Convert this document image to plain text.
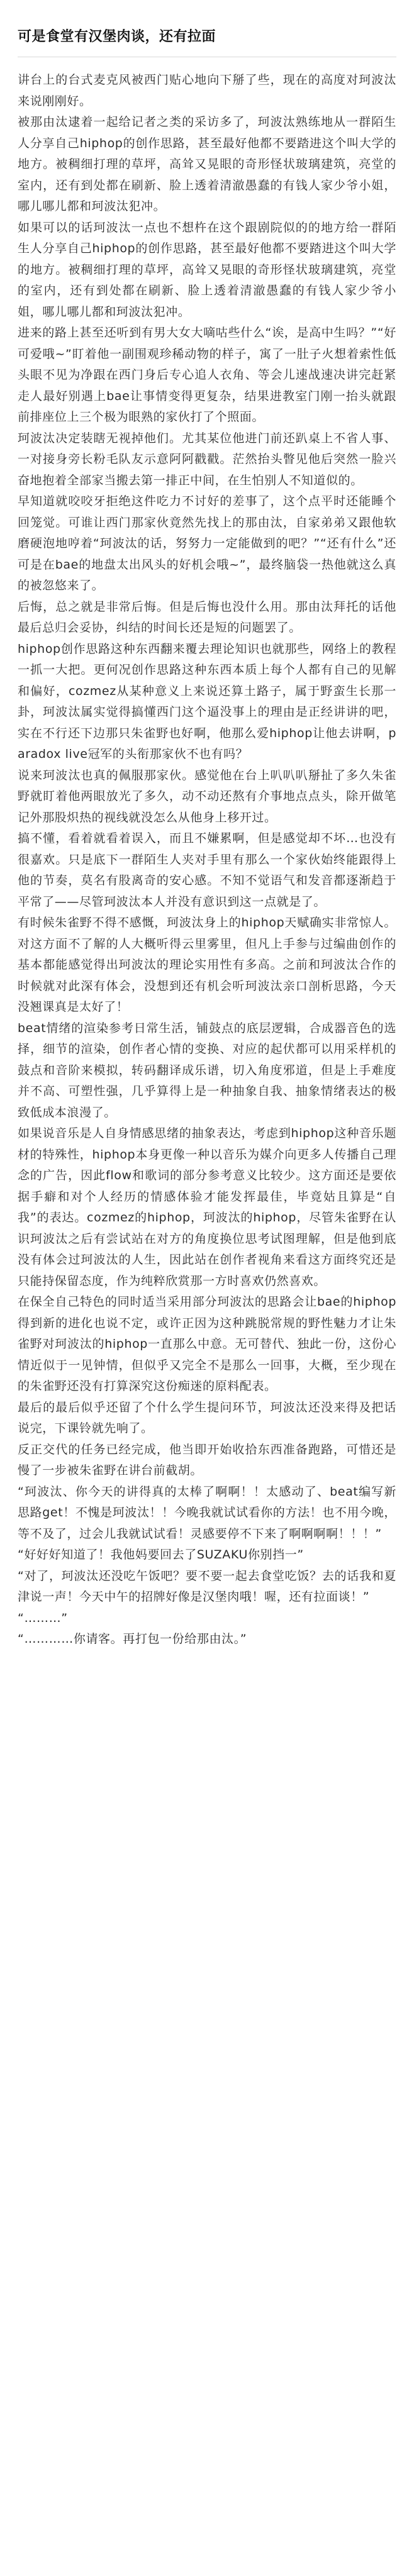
可是食堂有汉堡肉谈，还有拉面

讲台上的台式麦克风被西门贴心地向下掰了些，现在的高度对珂波汰来说刚刚好。

被那由汰逮着一起给记者之类的采访多了，珂波汰熟练地从一群陌生人分享自己hiphop的创作思路，甚至最好他都不要踏进这个叫大学的地方。被稠细打理的草坪，高耸又晃眼的奇形怪状玻璃建筑，亮堂的室内，还有到处都在刷新、脸上透着清澈愚蠢的有钱人家少爷小姐，哪儿哪儿都和珂波汰犯冲。

如果可以的话珂波汰一点也不想杵在这个跟剧院似的的地方给一群陌生人分享自己hiphop的创作思路，甚至最好他都不要踏进这个叫大学的地方。被稠细打理的草坪，高耸又晃眼的奇形怪状玻璃建筑，亮堂的室内，还有到处都在刷新、脸上透着清澈愚蠢的有钱人家少爷小姐，哪儿哪儿都和珂波汰犯冲。

进来的路上甚至还听到有男大女大嘀咕些什么“诶，是高中生吗？”“好可爱哦~”盯着他一副围观珍稀动物的样子，寓了一肚子火想着索性低头眼不见为净跟在西门身后专心追人衣角、等会儿速战速决讲完赶紧走人最好别遇上bae让事情变得更复杂，结果进教室门刚一抬头就跟前排座位上三个极为眼熟的家伙打了个照面。

珂波汰决定装瞎无视掉他们。尤其某位他进门前还趴桌上不省人事、一对接身旁长粉毛队友示意阿阿戳戳。茫然抬头瞥见他后突然一脸兴奋地抱着全部家当搬去第一排正中间，在生怕别人不知道似的。

早知道就咬咬牙拒绝这件吃力不讨好的差事了，这个点平时还能睡个回笼觉。可谁让西门那家伙竟然先找上的那由汰，自家弟弟又跟他软磨硬泡地哼着“珂波汰的话，努努力一定能做到的吧？”“还有什么”还可是在bae的地盘太出风头的好机会哦~”，最终脑袋一热他就这么真的被忽悠来了。

后悔，总之就是非常后悔。但是后悔也没什么用。那由汰拜托的话他最后总归会妥协，纠结的时间长还是短的问题罢了。

hiphop创作思路这种东西翻来覆去理论知识也就那些，网络上的教程一抓一大把。更何况创作思路这种东西本质上每个人都有自己的见解和偏好，cozmez从某种意义上来说还算土路子，属于野蛮生长那一卦，珂波汰属实觉得搞懂西门这个逼没事上的理由是正经讲讲的吧，实在不行还下边那只朱雀野也好啊，他那么爱hiphop让他去讲啊，paradox live冠军的头衔那家伙不也有吗？

说来珂波汰也真的佩服那家伙。感觉他在台上叭叭叭掰扯了多久朱雀野就盯着他两眼放光了多久，动不动还熬有介事地点点头，除开做笔记外那股炽热的视线就没怎么从他身上移开过。

搞不懂，看着就看着误入，而且不嫌累啊，但是感觉却不坏…也没有很嘉欢。只是底下一群陌生人夹对手里有那么一个家伙始终能跟得上他的节奏，莫名有股离奇的安心感。不知不觉语气和发音都逐渐趋于平常了——尽管珂波汰本人并没有意识到这一点就是了。

有时候朱雀野不得不感慨，珂波汰身上的hiphop天赋确实非常惊人。对这方面不了解的人大概听得云里雾里，但凡上手参与过编曲创作的基本都能感觉得出珂波汰的理论实用性有多高。之前和珂波汰合作的时候就对此深有体会，没想到还有机会听珂波汰亲口剖析思路，今天没翘课真是太好了！

beat情绪的渲染参考日常生活，铺鼓点的底层逻辑，合成器音色的选择，细节的渲染，创作者心情的变换、对应的起伏都可以用采样机的鼓点和音阶来模拟，转码翻译成乐谱，切入角度邪道，但是上手难度并不高、可塑性强，几乎算得上是一种抽象自我、抽象情绪表达的极致低成本浪漫了。

如果说音乐是人自身情感思绪的抽象表达，考虑到hiphop这种音乐题材的特殊性，hiphop本身更像一种以音乐为媒介向更多人传播自己理念的广告，因此flow和歌词的部分参考意义比较少。这方面还是要依据手癖和对个人经历的情感体验才能发挥最佳，毕竟姑且算是“自我”的表达。cozmez的hiphop，珂波汰的hiphop，尽管朱雀野在认识珂波汰之后有尝试站在对方的角度换位思考试图理解，但是他到底没有体会过珂波汰的人生，因此站在创作者视角来看这方面终究还是只能持保留态度，作为纯粹欣赏那一方时喜欢仍然喜欢。

在保全自己特色的同时适当采用部分珂波汰的思路会让bae的hiphop得到新的进化也说不定，或许正因为这种跳脱常规的野性魅力才让朱雀野对珂波汰的hiphop一直那么中意。无可替代、独此一份，这份心情近似于一见钟情，但似乎又完全不是那么一回事，大概，至少现在的朱雀野还没有打算深究这份痴迷的原料配表。

最后的最后似乎还留了个什么学生提问环节，珂波汰还没来得及把话说完，下课铃就先响了。

反正交代的任务已经完成，他当即开始收拾东西准备跑路，可惜还是慢了一步被朱雀野在讲台前截胡。

“珂波汰、你今天的讲得真的太棒了啊啊！！太感动了、beat编写新思路get！不愧是珂波汰！！今晚我就试试看你的方法！也不用今晚，等不及了，过会儿我就试试看！灵感要停不下来了啊啊啊啊！！！”

“好好好知道了！我他妈要回去了SUZAKU你别挡一”

“对了，珂波汰还没吃午饭吧？要不要一起去食堂吃饭？去的话我和夏津说一声！今天中午的招牌好像是汉堡肉哦！喔，还有拉面谈！”

“………”

“…………你请客。再打包一份给那由汰。”
